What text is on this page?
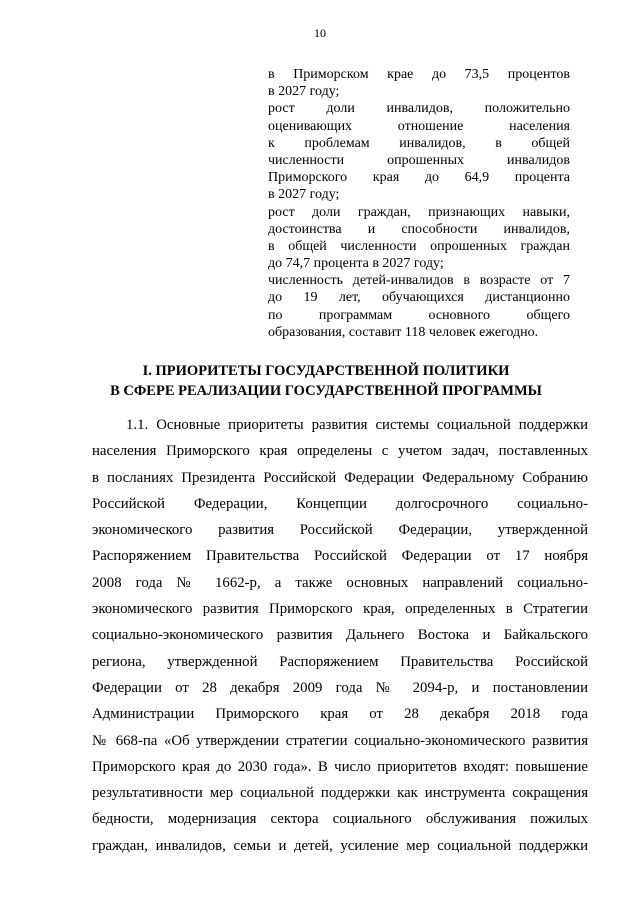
10
в Приморском крае до 73,5 процентов
в 2027 году;
рост доли инвалидов, положительно
оценивающих отношение населения
к проблемам инвалидов, в общей
численности опрошенных инвалидов
Приморского края до 64,9 процента
в 2027 году;
рост доли граждан, признающих навыки,
достоинства и способности инвалидов,
в общей численности опрошенных граждан
до 74,7 процента в 2027 году;
численность детей-инвалидов в возрасте от 7
до 19 лет, обучающихся дистанционно
по программам основного общего
образования, составит 118 человек ежегодно.
I. ПРИОРИТЕТЫ ГОСУДАРСТВЕННОЙ ПОЛИТИКИ
В СФЕРЕ РЕАЛИЗАЦИИ ГОСУДАРСТВЕННОЙ ПРОГРАММЫ
1.1. Основные приоритеты развития системы социальной поддержки
населения Приморского края определены с учетом задач, поставленных
в посланиях Президента Российской Федерации Федеральному Собранию
Российской Федерации, Концепции долгосрочного социально-
экономического развития Российской Федерации, утвержденной
Распоряжением Правительства Российской Федерации от 17 ноября
2008 года № 1662-р, а также основных направлений социально-
экономического развития Приморского края, определенных в Стратегии
социально-экономического развития Дальнего Востока и Байкальского
региона, утвержденной Распоряжением Правительства Российской
Федерации от 28 декабря 2009 года № 2094-р, и постановлении
Администрации Приморского края от 28 декабря 2018 года
№ 668-па «Об утверждении стратегии социально-экономического развития
Приморского края до 2030 года». В число приоритетов входят: повышение
результативности мер социальной поддержки как инструмента сокращения
бедности, модернизация сектора социального обслуживания пожилых
граждан, инвалидов, семьи и детей, усиление мер социальной поддержки
